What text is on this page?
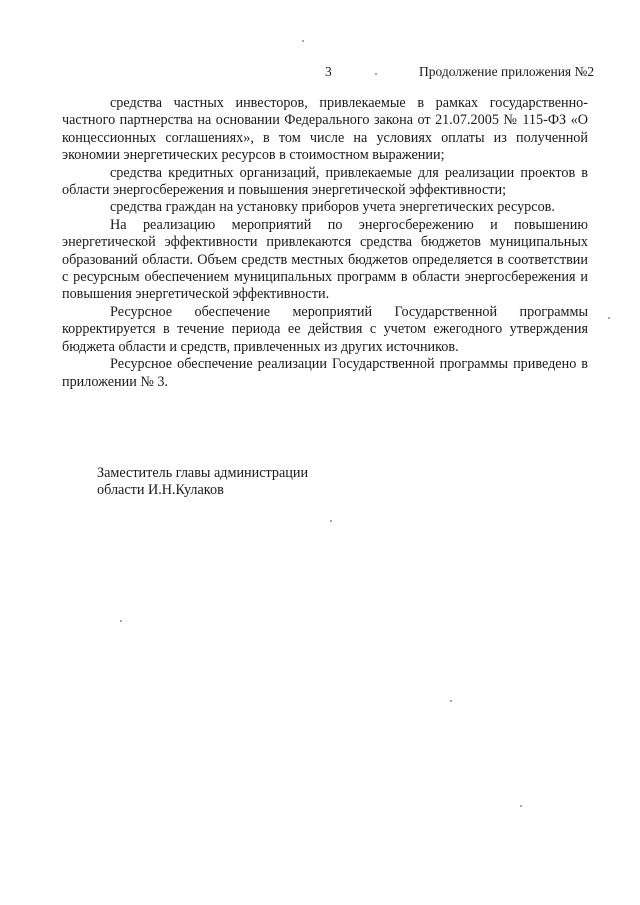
3	Продолжение приложения №2

средства частных инвесторов, привлекаемые в рамках государственно-частного партнерства на основании Федерального закона от 21.07.2005 № 115-ФЗ «О концессионных соглашениях», в том числе на условиях оплаты из полученной экономии энергетических ресурсов в стоимостном выражении;

средства кредитных организаций, привлекаемые для реализации проектов в области энергосбережения и повышения энергетической эффективности;

средства граждан на установку приборов учета энергетических ресурсов.

На реализацию мероприятий по энергосбережению и повышению энергетической эффективности привлекаются средства бюджетов муниципальных образований области. Объем средств местных бюджетов определяется в соответствии с ресурсным обеспечением муниципальных программ в области энергосбережения и повышения энергетической эффективности.

Ресурсное обеспечение мероприятий Государственной программы корректируется в течение периода ее действия с учетом ежегодного утверждения бюджета области и средств, привлеченных из других источников.

Ресурсное обеспечение реализации Государственной программы приведено в приложении № 3.

Заместитель главы администрации
области И.Н.Кулаков
